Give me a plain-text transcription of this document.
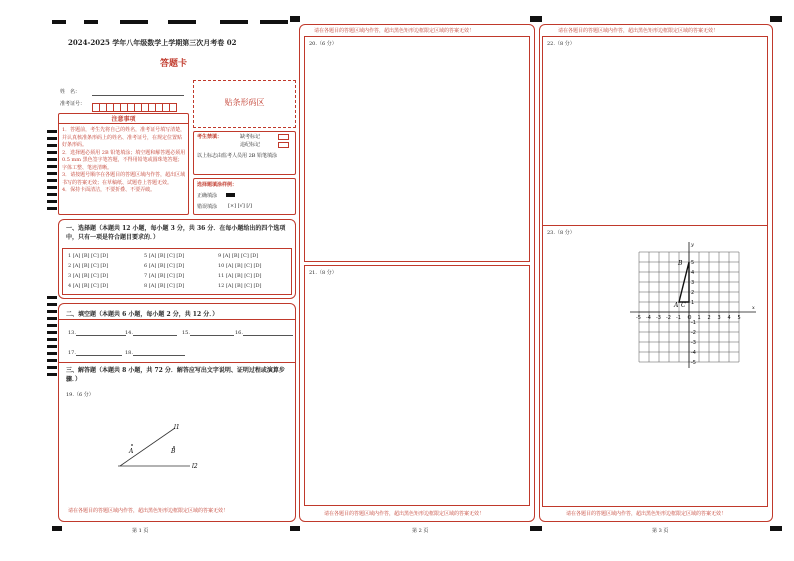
2024-2025 学年八年级数学上学期第三次月考卷 02
答题卡
姓　名：
准考证号：	贴条形码区
注意事项
1．答题前，考生先将自己的姓名，准考证号填写清楚，并认真核准条形码上的姓名、准考证号，在规定位置贴好条形码。
2．选择题必须用 2B 铅笔填涂；填空题和解答题必须用 0.5 mm 黑色签字笔答题，不得用铅笔或圆珠笔答题；字体工整、笔迹清晰。
3．请按题号顺序在各题目的答题区域内作答，超出区域书写的答案无效；在草稿纸、试题卷上答题无效。
4．保持卡面清洁，不要折叠、不要弄破。
考生禁填：	缺考标记
违纪标记
以上标志由监考人员用 2B 铅笔填涂
选择题填涂样例：
正确填涂
错误填涂 [×] [√] [/]
一、选择题（本题共 12 小题，每小题 3 分，共 36 分．在每小题给出的四个选项中，只有一项是符合题目要求的．）
1 [A] [B] [C] [D]	5 [A] [B] [C] [D]	9 [A] [B] [C] [D]
2 [A] [B] [C] [D]	6 [A] [B] [C] [D]	10 [A] [B] [C] [D]
3 [A] [B] [C] [D]	7 [A] [B] [C] [D]	11 [A] [B] [C] [D]
4 [A] [B] [C] [D]	8 [A] [B] [C] [D]	12 [A] [B] [C] [D]
二、填空题（本题共 6 小题，每小题 2 分，共 12 分．）
13.	14.	15.	16.
17.	18.
三、解答题（本题共 8 小题，共 72 分．解答应写出文字说明、证明过程或演算步骤．）
19.（6 分）
l1
l2
A	B
请在各题目的答题区域内作答，超出黑色矩形边框限定区域的答案无效！
第 1 页
请在各题目的答题区域内作答，超出黑色矩形边框限定区域的答案无效！
20.（6 分）
21.（8 分）
请在各题目的答题区域内作答，超出黑色矩形边框限定区域的答案无效！
第 2 页
请在各题目的答题区域内作答，超出黑色矩形边框限定区域的答案无效！
22.（8 分）
23.（8 分）
-5 -4 -3 -2 -1 O 1 2 3 4 5
5
4
3
2
1
-1
-2
-3
-4
-5
x
y
A
B
C
请在各题目的答题区域内作答，超出黑色矩形边框限定区域的答案无效！
第 3 页
